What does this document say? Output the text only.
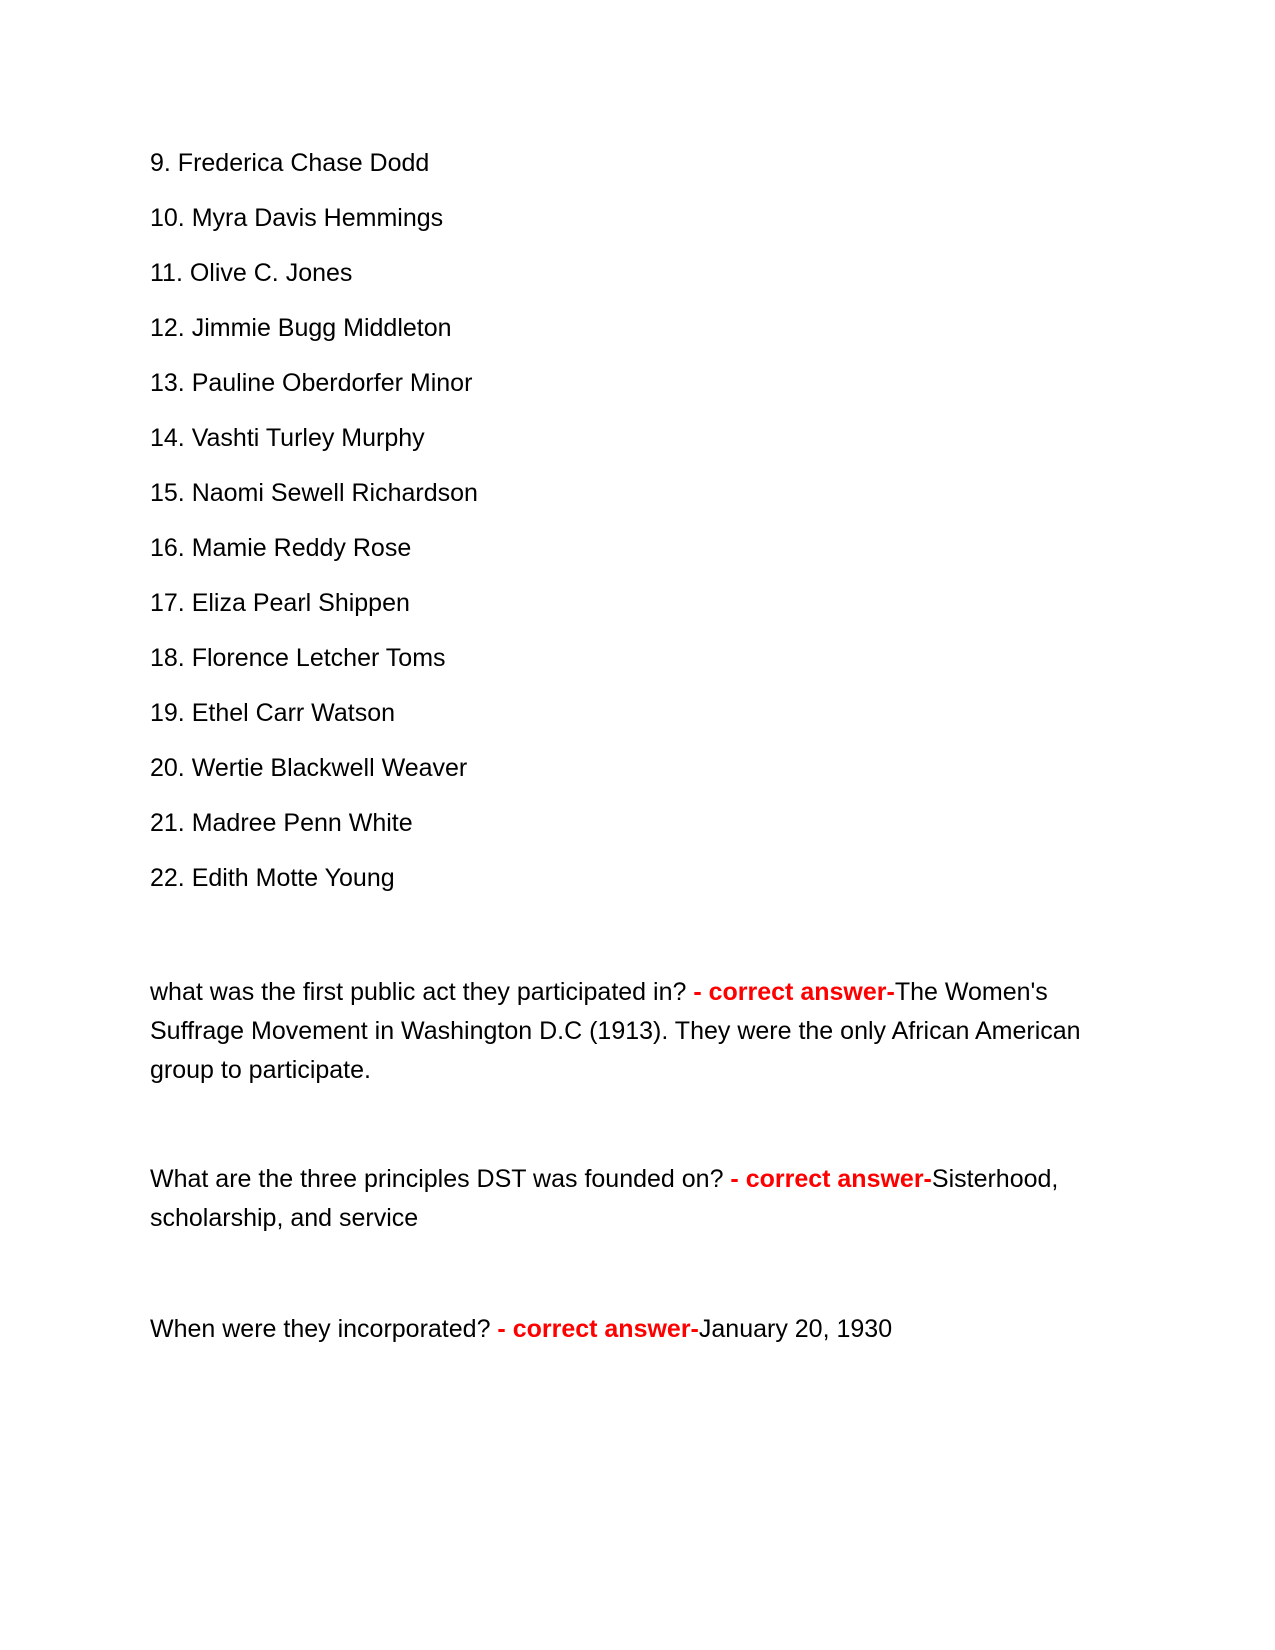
9. Frederica Chase Dodd
10. Myra Davis Hemmings
11. Olive C. Jones
12. Jimmie Bugg Middleton
13. Pauline Oberdorfer Minor
14. Vashti Turley Murphy
15. Naomi Sewell Richardson
16. Mamie Reddy Rose
17. Eliza Pearl Shippen
18. Florence Letcher Toms
19. Ethel Carr Watson
20. Wertie Blackwell Weaver
21. Madree Penn White
22. Edith Motte Young

what was the first public act they participated in? - correct answer-The Women's Suffrage Movement in Washington D.C (1913). They were the only African American group to participate.

What are the three principles DST was founded on? - correct answer-Sisterhood, scholarship, and service

When were they incorporated? - correct answer-January 20, 1930
